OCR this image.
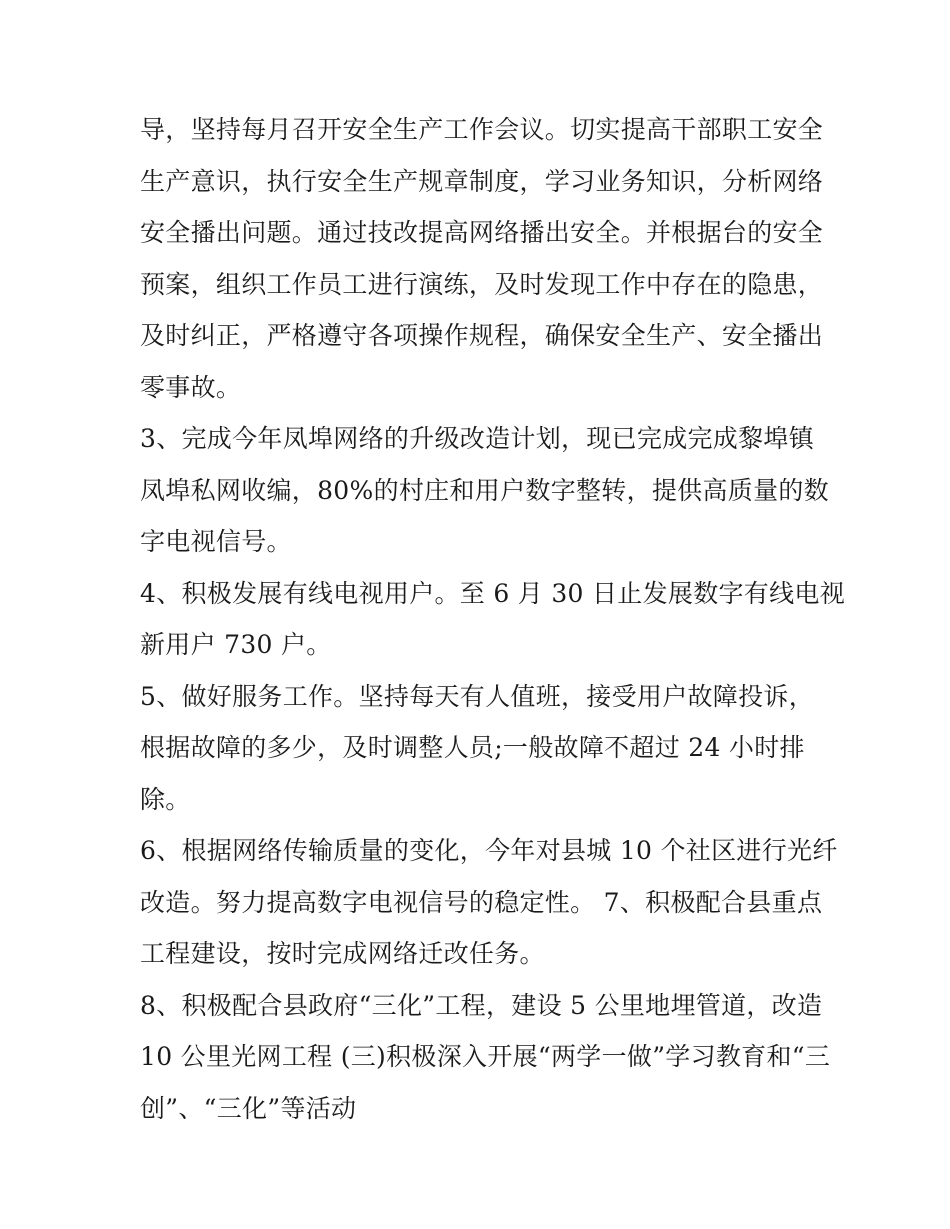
导，坚持每月召开安全生产工作会议。切实提高干部职工安全
生产意识，执行安全生产规章制度，学习业务知识，分析网络
安全播出问题。通过技改提高网络播出安全。并根据台的安全
预案，组织工作员工进行演练，及时发现工作中存在的隐患，
及时纠正，严格遵守各项操作规程，确保安全生产、安全播出
零事故。
3、完成今年凤埠网络的升级改造计划，现已完成完成黎埠镇
凤埠私网收编，80%的村庄和用户数字整转，提供高质量的数
字电视信号。
4、积极发展有线电视用户。至 6 月 30 日止发展数字有线电视
新用户 730 户。
5、做好服务工作。坚持每天有人值班，接受用户故障投诉，
根据故障的多少，及时调整人员;一般故障不超过 24 小时排
除。
6、根据网络传输质量的变化，今年对县城 10 个社区进行光纤
改造。努力提高数字电视信号的稳定性。 7、积极配合县重点
工程建设，按时完成网络迁改任务。
8、积极配合县政府“三化”工程，建设 5 公里地埋管道，改造
10 公里光网工程 (三)积极深入开展“两学一做”学习教育和“三
创”、“三化”等活动
